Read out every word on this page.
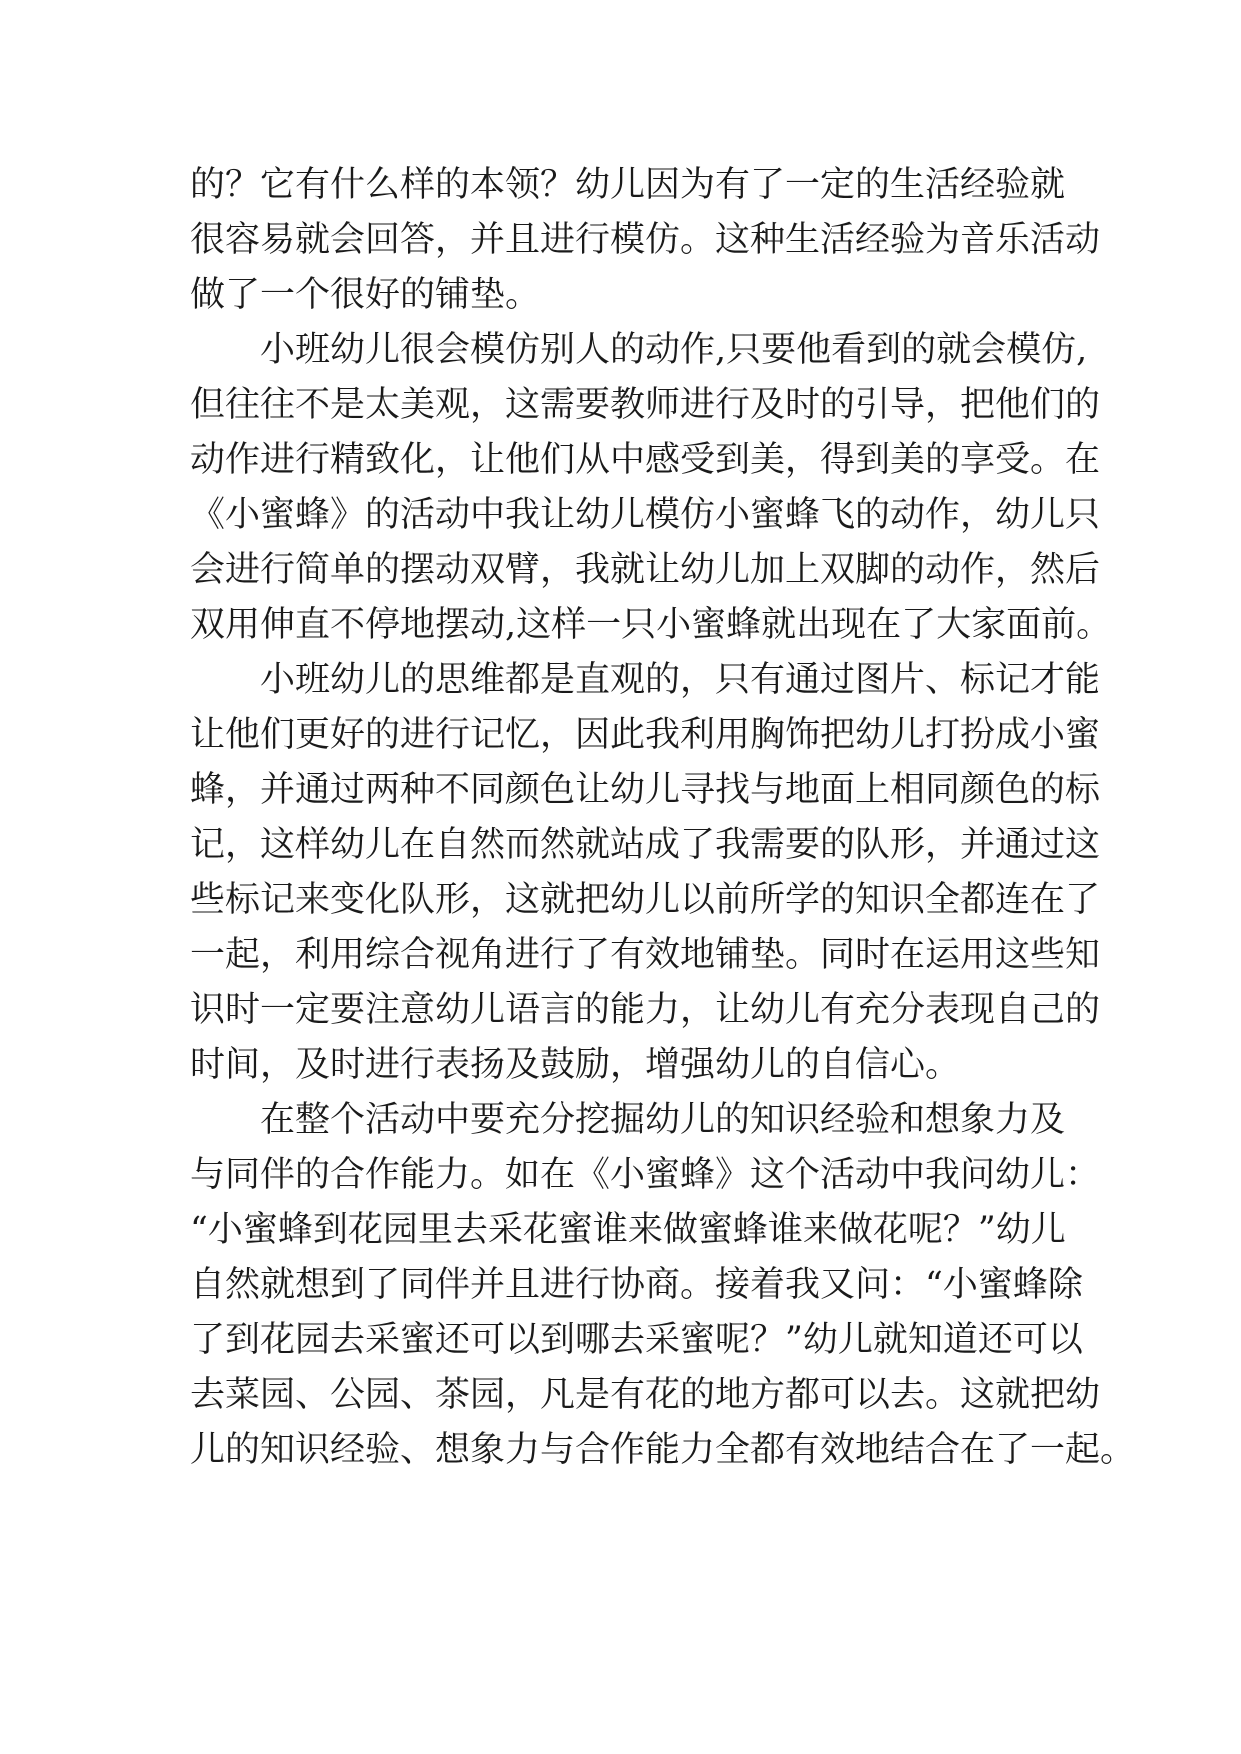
的？它有什么样的本领？幼儿因为有了一定的生活经验就
很容易就会回答，并且进行模仿。这种生活经验为音乐活动
做了一个很好的铺垫。
　　小班幼儿很会模仿别人的动作,只要他看到的就会模仿,
但往往不是太美观，这需要教师进行及时的引导，把他们的
动作进行精致化，让他们从中感受到美，得到美的享受。在
《小蜜蜂》的活动中我让幼儿模仿小蜜蜂飞的动作，幼儿只
会进行简单的摆动双臂，我就让幼儿加上双脚的动作，然后
双用伸直不停地摆动,这样一只小蜜蜂就出现在了大家面前。
　　小班幼儿的思维都是直观的，只有通过图片、标记才能
让他们更好的进行记忆，因此我利用胸饰把幼儿打扮成小蜜
蜂，并通过两种不同颜色让幼儿寻找与地面上相同颜色的标
记，这样幼儿在自然而然就站成了我需要的队形，并通过这
些标记来变化队形，这就把幼儿以前所学的知识全都连在了
一起，利用综合视角进行了有效地铺垫。同时在运用这些知
识时一定要注意幼儿语言的能力，让幼儿有充分表现自己的
时间，及时进行表扬及鼓励，增强幼儿的自信心。
　　在整个活动中要充分挖掘幼儿的知识经验和想象力及
与同伴的合作能力。如在《小蜜蜂》这个活动中我问幼儿：
“小蜜蜂到花园里去采花蜜谁来做蜜蜂谁来做花呢？”幼儿
自然就想到了同伴并且进行协商。接着我又问：“小蜜蜂除
了到花园去采蜜还可以到哪去采蜜呢？”幼儿就知道还可以
去菜园、公园、茶园，凡是有花的地方都可以去。这就把幼
儿的知识经验、想象力与合作能力全都有效地结合在了一起。
